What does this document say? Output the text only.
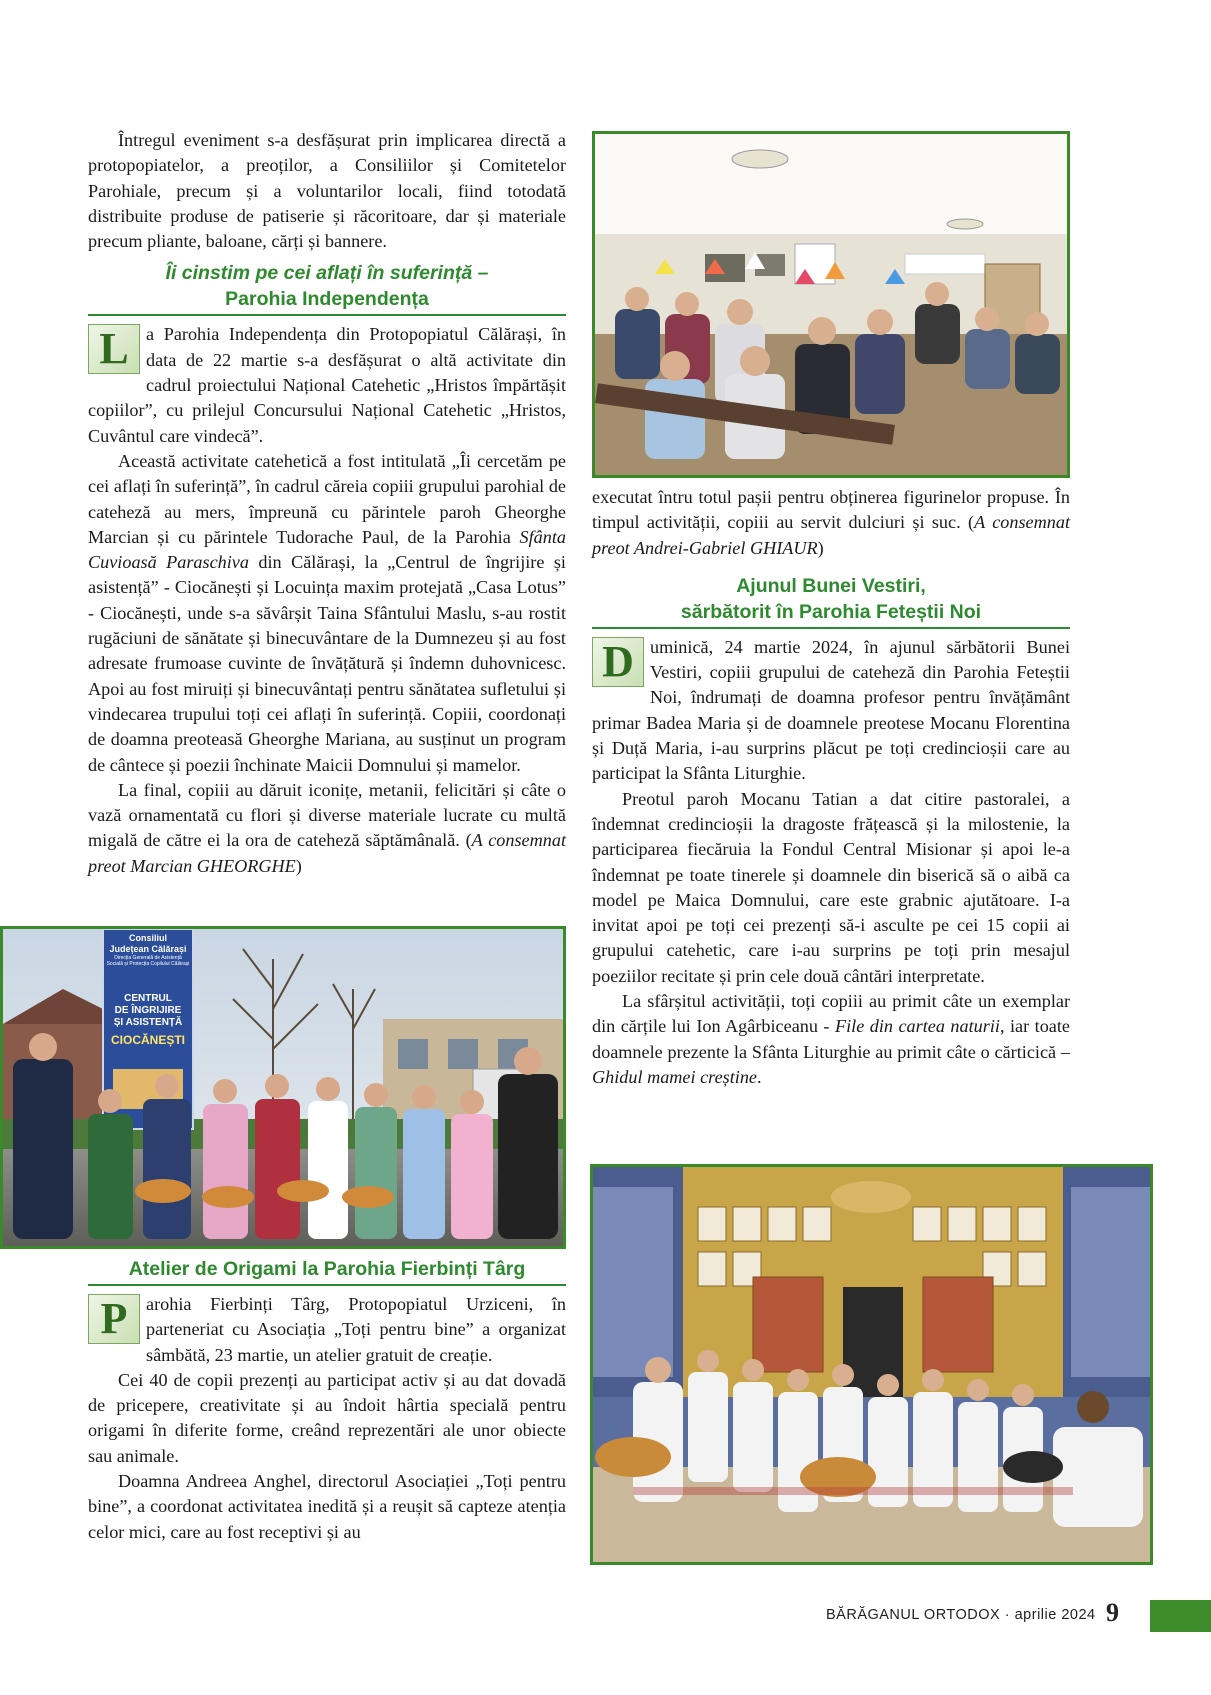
Întregul eveniment s-a desfășurat prin implicarea directă a protopopiatelor, a preoților, a Consiliilor și Comitetelor Parohiale, precum și a voluntarilor locali, fiind totodată distribuite produse de patiserie și răcoritoare, dar și materiale precum pliante, baloane, cărți și bannere.

Îi cinstim pe cei aflați în suferință –
Parohia Independența

L a Parohia Independența din Protopopiatul Călărași, în data de 22 martie s-a desfășurat o altă activitate din cadrul proiectului Național Catehetic „Hristos împărtășit copiilor”, cu prilejul Concursului Național Catehetic „Hristos, Cuvântul care vindecă”.

Această activitate catehetică a fost intitulată „Îi cercetăm pe cei aflați în suferință”, în cadrul căreia copiii grupului parohial de cateheză au mers, împreună cu părintele paroh Gheorghe Marcian și cu părintele Tudorache Paul, de la Parohia Sfânta Cuvioasă Paraschiva din Călărași, la „Centrul de îngrijire și asistență” - Ciocănești și Locuința maxim protejată „Casa Lotus” - Ciocănești, unde s-a săvârșit Taina Sfântului Maslu, s-au rostit rugăciuni de sănătate și binecuvântare de la Dumnezeu și au fost adresate frumoase cuvinte de învățătură și îndemn duhovnicesc. Apoi au fost miruiți și binecuvântați pentru sănătatea sufletului și vindecarea trupului toți cei aflați în suferință. Copiii, coordonați de doamna preoteasă Gheorghe Mariana, au susținut un program de cântece și poezii închinate Maicii Domnului și mamelor.

La final, copiii au dăruit iconițe, metanii, felicitări și câte o vază ornamentată cu flori și diverse materiale lucrate cu multă migală de către ei la ora de cateheză săptămânală. (A consemnat preot Marcian GHEORGHE)

Consiliul
Județean Călărași
Direcția Generală de Asistență Socială și Protecția Copilului Călărași
CENTRUL
DE ÎNGRIJIRE
ȘI ASISTENȚĂ
CIOCĂNEȘTI
Atelier de Origami la Parohia Fierbinți Târg

P	arohia Fierbinți Târg, Protopopiatul Urziceni, în parteneriat cu Asociația „Toți pentru bine” a organizat sâmbătă, 23 martie, un atelier gratuit de creație.

Cei 40 de copii prezenți au participat activ și au dat dovadă de pricepere, creativitate și au îndoit hârtia specială pentru origami în diferite forme, creând reprezentări ale unor obiecte sau animale.

Doamna Andreea Anghel, directorul Asociației „Toți pentru bine”, a coordonat activitatea inedită și a reușit să capteze atenția celor mici, care au fost receptivi și au

executat întru totul pașii pentru obținerea figurinelor propuse. În timpul activității, copiii au servit dulciuri și suc. (A consemnat preot Andrei-Gabriel GHIAUR)

Ajunul Bunei Vestiri,
sărbătorit în Parohia Feteștii Noi

D uminică, 24 martie 2024, în ajunul sărbătorii Bunei Vestiri, copiii grupului de cateheză din Parohia Feteștii Noi, îndrumați de doamna profesor pentru învățământ primar Badea Maria și de doamnele preotese Mocanu Florentina și Duță Maria, i-au surprins plăcut pe toți credincioșii care au participat la Sfânta Liturghie.

Preotul paroh Mocanu Tatian a dat citire pastoralei, a îndemnat credincioșii la dragoste frățească și la milostenie, la participarea fiecăruia la Fondul Central Misionar și apoi le-a îndemnat pe toate tinerele și doamnele din biserică să o aibă ca model pe Maica Domnului, care este grabnic ajutătoare. I-a invitat apoi pe toți cei prezenți să-i asculte pe cei 15 copii ai grupului catehetic, care i-au surprins pe toți prin mesajul poeziilor recitate și prin cele două cântări interpretate.

La sfârșitul activității, toți copiii au primit câte un exemplar din cărțile lui Ion Agârbiceanu - File din cartea naturii, iar toate doamnele prezente la Sfânta Liturghie au primit câte o cărticică – Ghidul mamei creștine.

BĂRĂGANUL ORTODOX · aprilie 2024 9
